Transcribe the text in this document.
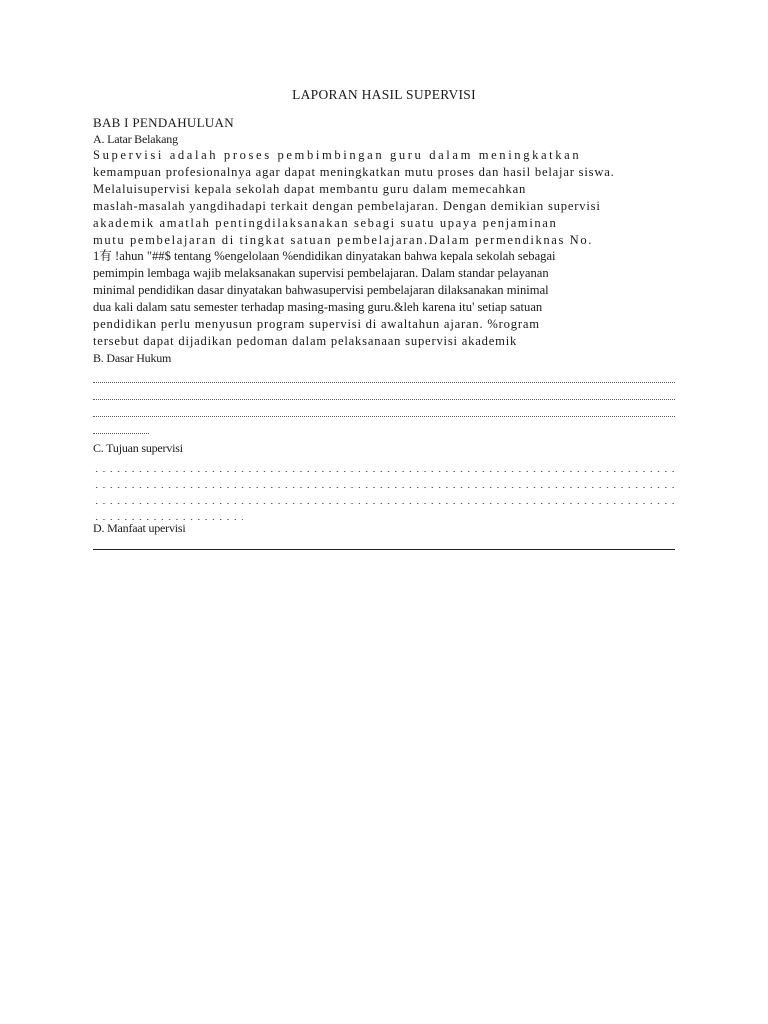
LAPORAN HASIL SUPERVISI
BAB I PENDAHULUAN
A. Latar Belakang
Supervisi adalah proses pembimbingan guru dalam meningkatkan
kemampuan profesionalnya agar dapat meningkatkan mutu proses dan hasil belajar siswa.
Melaluisupervisi kepala sekolah dapat membantu guru dalam memecahkan
maslah-masalah yangdihadapi terkait dengan pembelajaran. Dengan demikian supervisi
akademik amatlah pentingdilaksanakan sebagi suatu upaya penjaminan
mutu pembelajaran di tingkat satuan pembelajaran.Dalam permendiknas No.
1有 !ahun "##$ tentang %engelolaan %endidikan dinyatakan bahwa kepala sekolah sebagai
pemimpin lembaga wajib melaksanakan supervisi pembelajaran. Dalam standar pelayanan
minimal pendidikan dasar dinyatakan bahwasupervisi pembelajaran dilaksanakan minimal
dua kali dalam satu semester terhadap masing-masing guru.&leh karena itu' setiap satuan
pendidikan perlu menyusun program supervisi di awaltahun ajaran. %rogram
tersebut dapat dijadikan pedoman dalam pelaksanaan supervisi akademik
B. Dasar Hukum
C. Tujuan supervisi
D. Manfaat upervisi
